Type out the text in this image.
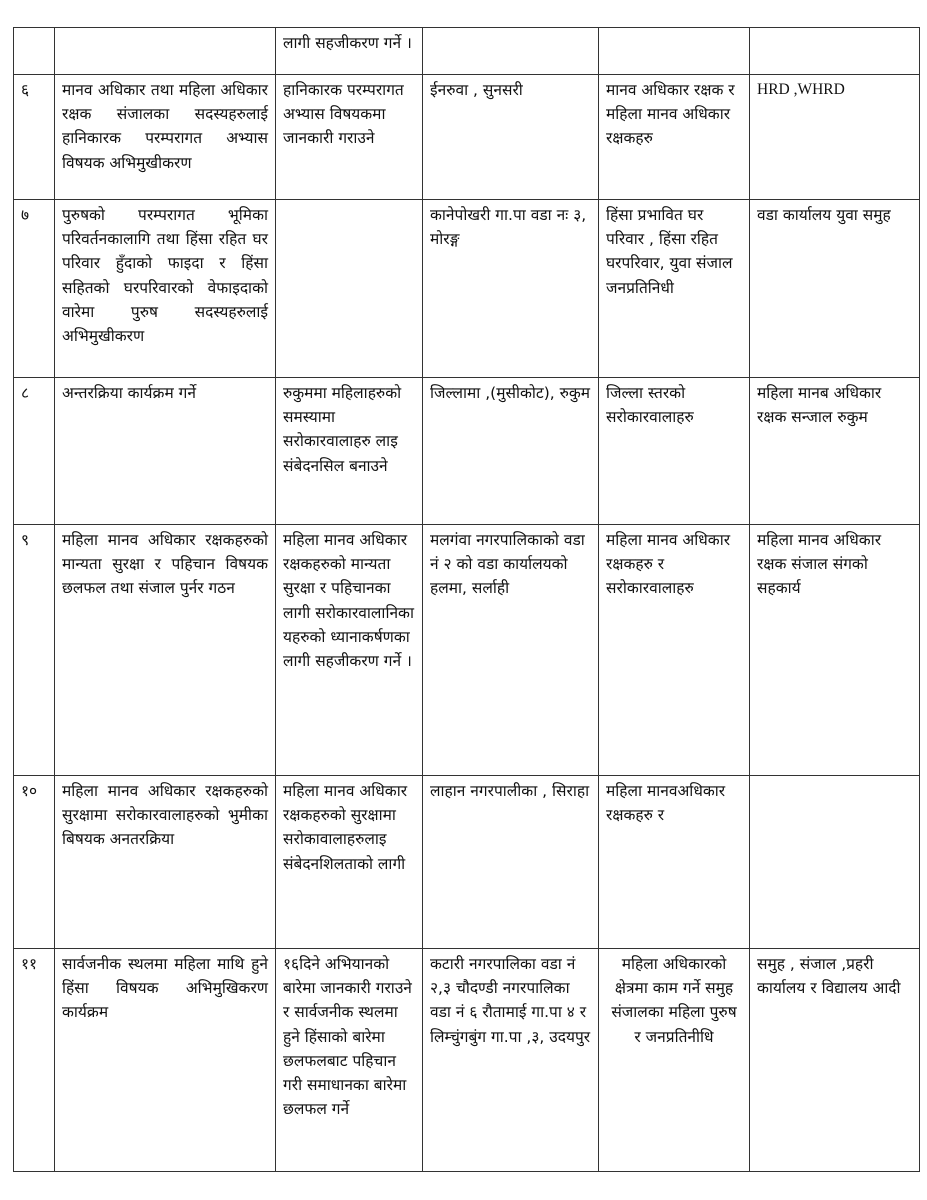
		लागी सहजीकरण गर्ने ।			
६	मानव अधिकार तथा महिला अधिकार रक्षक संजालका सदस्यहरुलाई हानिकारक परम्परागत अभ्यास विषयक अभिमुखीकरण	हानिकारक परम्परागत अभ्यास विषयकमा जानकारी गराउने	ईनरुवा , सुनसरी	मानव अधिकार रक्षक र महिला मानव अधिकार रक्षकहरु	HRD ,WHRD
७	पुरुषको परम्परागत भूमिका परिवर्तनकालागि तथा हिंसा रहित घर परिवार हुँदाको फाइदा र हिंसा सहितको घरपरिवारको वेफाइदाको वारेमा पुरुष सदस्यहरुलाई अभिमुखीकरण		कानेपोखरी गा.पा वडा नः ३, मोरङ्ग	हिंसा प्रभावित घर परिवार , हिंसा रहित घरपरिवार, युवा संजाल जनप्रतिनिधी	वडा कार्यालय युवा समुह
८	अन्तरक्रिया कार्यक्रम गर्ने	रुकुममा महिलाहरुको समस्यामा सरोकारवालाहरु लाइ संबेदनसिल बनाउने	जिल्लामा ,(मुसीकोट), रुकुम	जिल्ला स्तरको सरोकारवालाहरु	महिला मानब अधिकार रक्षक सन्जाल रुकुम
९	महिला मानव अधिकार रक्षकहरुको मान्यता सुरक्षा र पहिचान विषयक छलफल तथा संजाल पुर्नर गठन	महिला मानव अधिकार रक्षकहरुको मान्यता सुरक्षा र पहिचानका लागी सरोकारवालानिका यहरुको ध्यानाकर्षणका लागी सहजीकरण गर्ने ।	मलगंवा नगरपालिकाको वडा नं २ को वडा कार्यालयको हलमा, सर्लाही	महिला मानव अधिकार रक्षकहरु र सरोकारवालाहरु	महिला मानव अधिकार रक्षक संजाल संगको सहकार्य
१०	महिला मानव अधिकार रक्षकहरुको सुरक्षामा सरोकारवालाहरुको भुमीका बिषयक अनतरक्रिया	महिला मानव अधिकार रक्षकहरुको सुरक्षामा सरोकावालाहरुलाइ संबेदनशिलताको लागी	लाहान नगरपालीका , सिराहा	महिला मानवअधिकार रक्षकहरु र	
११	सार्वजनीक स्थलमा महिला माथि हुने हिंसा विषयक अभिमुखिकरण कार्यक्रम	१६दिने अभियानको बारेमा जानकारी गराउने र सार्वजनीक स्थलमा हुने हिंसाको बारेमा छलफलबाट पहिचान गरी समाधानका बारेमा छलफल गर्ने	कटारी नगरपालिका वडा नं २,३ चौदण्डी नगरपालिका वडा नं ६ रौतामाई गा.पा ४ र लिम्चुंगबुंग गा.पा ,३, उदयपुर	महिला अधिकारको क्षेत्रमा काम गर्ने समुह संजालका महिला पुरुष र जनप्रतिनीधि	समुह , संजाल ,प्रहरी कार्यालय र विद्यालय आदी
